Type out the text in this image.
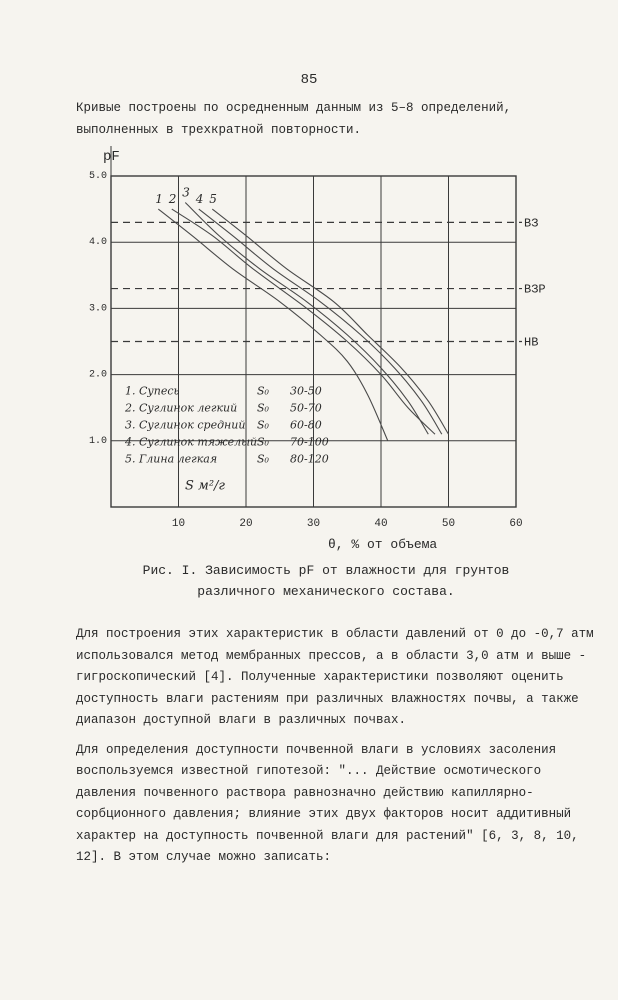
85

Кривые построены по осредненным данным из 5–8 определений,

выполненных в трехкратной повторности.

ВЗ
ВЗР
НВ
1 2 3 4 5
10	20	30	40	50	60
1.0
2.0
3.0
4.0
5.0
pF
1. Супесь	S₀ 30-50
2. Суглинок легкий S₀ 50-70
3. Суглинок средний S₀ 60-80
4. Суглинок тяжелый S₀ 70-100
5. Глина легкая	S₀ 80-120
S м²/г
θ, % от объема

Рис. I. Зависимость pF от влажности для грунтов

различного механического состава.

Для построения этих характеристик в области давлений от 0 до -0,7 атм использовался метод мембранных прессов, а в области 3,0 атм и выше - гигроскопический [4]. Полученные характеристики позволяют оценить доступность влаги растениям при различных влажностях почвы, а также диапазон доступной влаги в различных почвах.

Для определения доступности почвенной влаги в условиях засоления воспользуемся известной гипотезой: "... Действие осмотического давления почвенного раствора равнозначно действию капиллярно-сорбционного давления; влияние этих двух факторов носит аддитивный характер на доступность почвенной влаги для растений" [6, 3, 8, 10, 12]. В этом случае можно записать:
